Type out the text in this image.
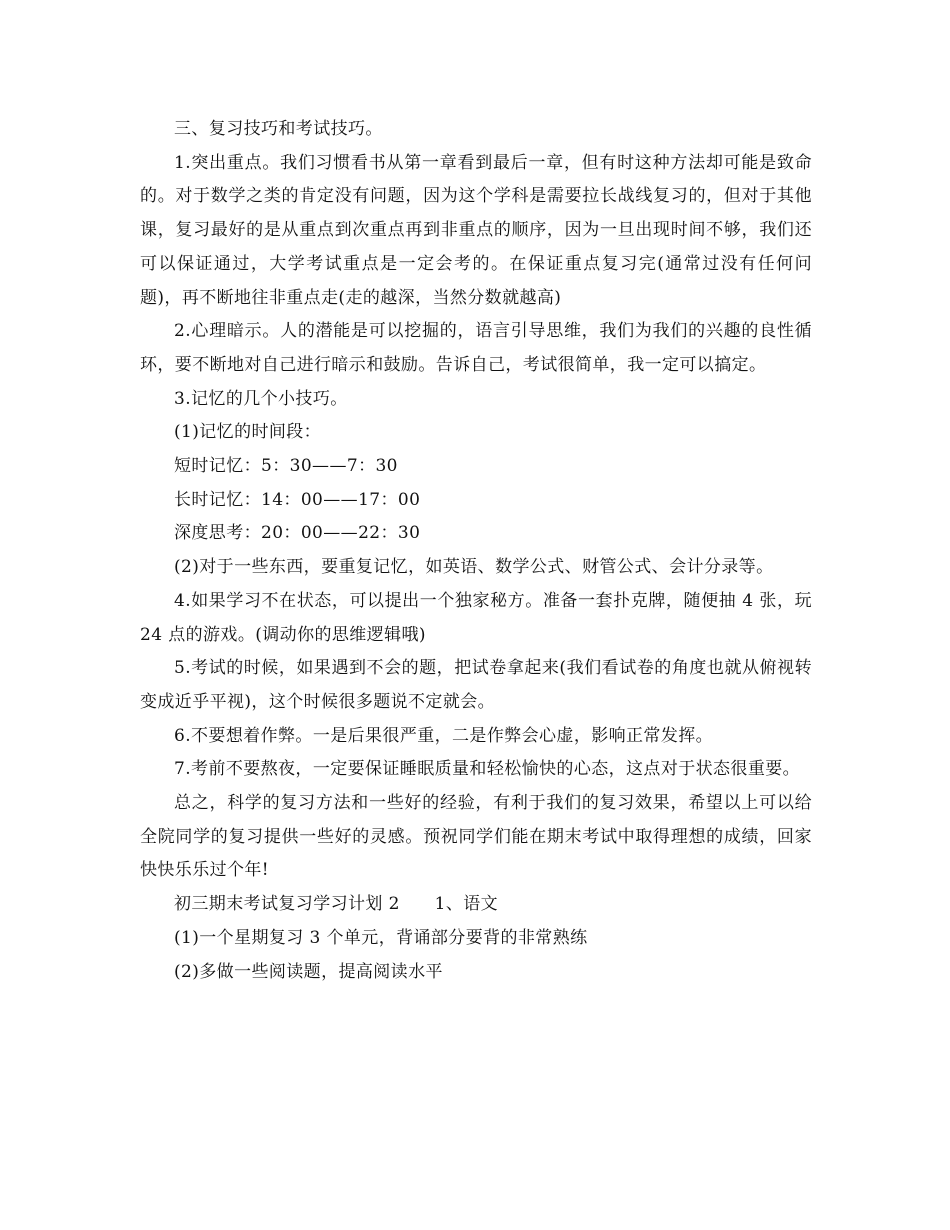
三、复习技巧和考试技巧。

1.突出重点。我们习惯看书从第一章看到最后一章，但有时这种方法却可能是致命的。对于数学之类的肯定没有问题，因为这个学科是需要拉长战线复习的，但对于其他课，复习最好的是从重点到次重点再到非重点的顺序，因为一旦出现时间不够，我们还可以保证通过，大学考试重点是一定会考的。在保证重点复习完(通常过没有任何问题)，再不断地往非重点走(走的越深，当然分数就越高)

2.心理暗示。人的潜能是可以挖掘的，语言引导思维，我们为我们的兴趣的良性循环，要不断地对自己进行暗示和鼓励。告诉自己，考试很简单，我一定可以搞定。

3.记忆的几个小技巧。

(1)记忆的时间段：

短时记忆：5：30——7：30

长时记忆：14：00——17：00

深度思考：20：00——22：30

(2)对于一些东西，要重复记忆，如英语、数学公式、财管公式、会计分录等。

4.如果学习不在状态，可以提出一个独家秘方。准备一套扑克牌，随便抽 4 张，玩 24 点的游戏。(调动你的思维逻辑哦)

5.考试的时候，如果遇到不会的题，把试卷拿起来(我们看试卷的角度也就从俯视转变成近乎平视)，这个时候很多题说不定就会。

6.不要想着作弊。一是后果很严重，二是作弊会心虚，影响正常发挥。

7.考前不要熬夜，一定要保证睡眠质量和轻松愉快的心态，这点对于状态很重要。

总之，科学的复习方法和一些好的经验，有利于我们的复习效果，希望以上可以给全院同学的复习提供一些好的灵感。预祝同学们能在期末考试中取得理想的成绩，回家快快乐乐过个年!

初三期末考试复习学习计划 2　　1、语文

(1)一个星期复习 3 个单元，背诵部分要背的非常熟练

(2)多做一些阅读题，提高阅读水平
